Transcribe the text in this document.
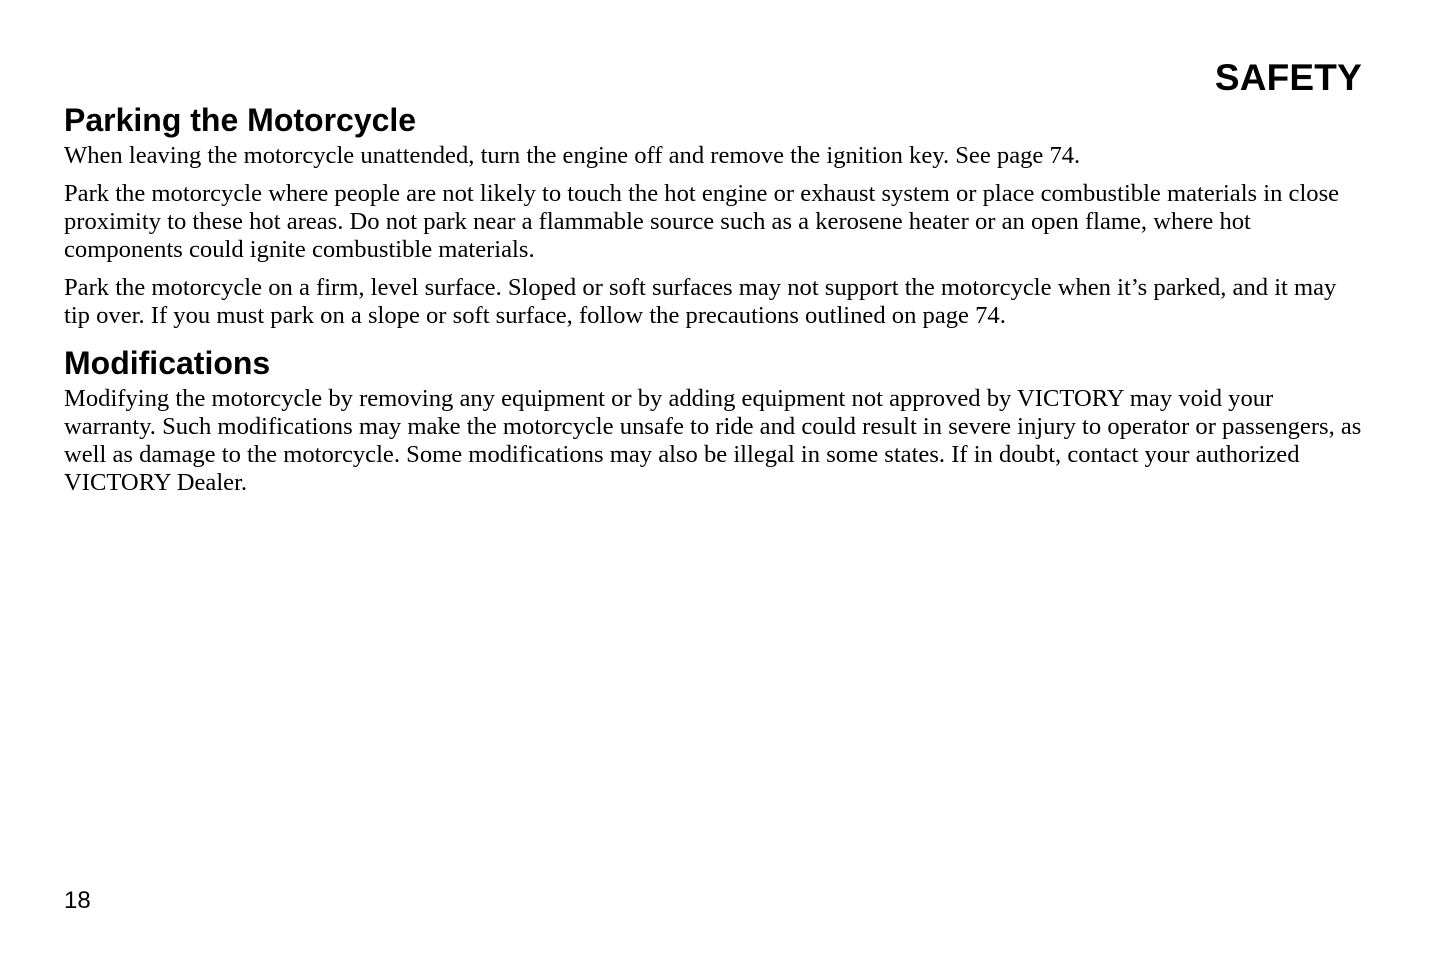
SAFETY
Parking the Motorcycle

When leaving the motorcycle unattended, turn the engine off and remove the ignition key. See page 74.

Park the motorcycle where people are not likely to touch the hot engine or exhaust system or place combustible materials in close proximity to these hot areas. Do not park near a flammable source such as a kerosene heater or an open flame, where hot components could ignite combustible materials.

Park the motorcycle on a firm, level surface. Sloped or soft surfaces may not support the motorcycle when it’s parked, and it may tip over. If you must park on a slope or soft surface, follow the precautions outlined on page 74.

Modifications

Modifying the motorcycle by removing any equipment or by adding equipment not approved by VICTORY may void your warranty. Such modifications may make the motorcycle unsafe to ride and could result in severe injury to operator or passengers, as well as damage to the motorcycle. Some modifications may also be illegal in some states. If in doubt, contact your authorized VICTORY Dealer.

18
